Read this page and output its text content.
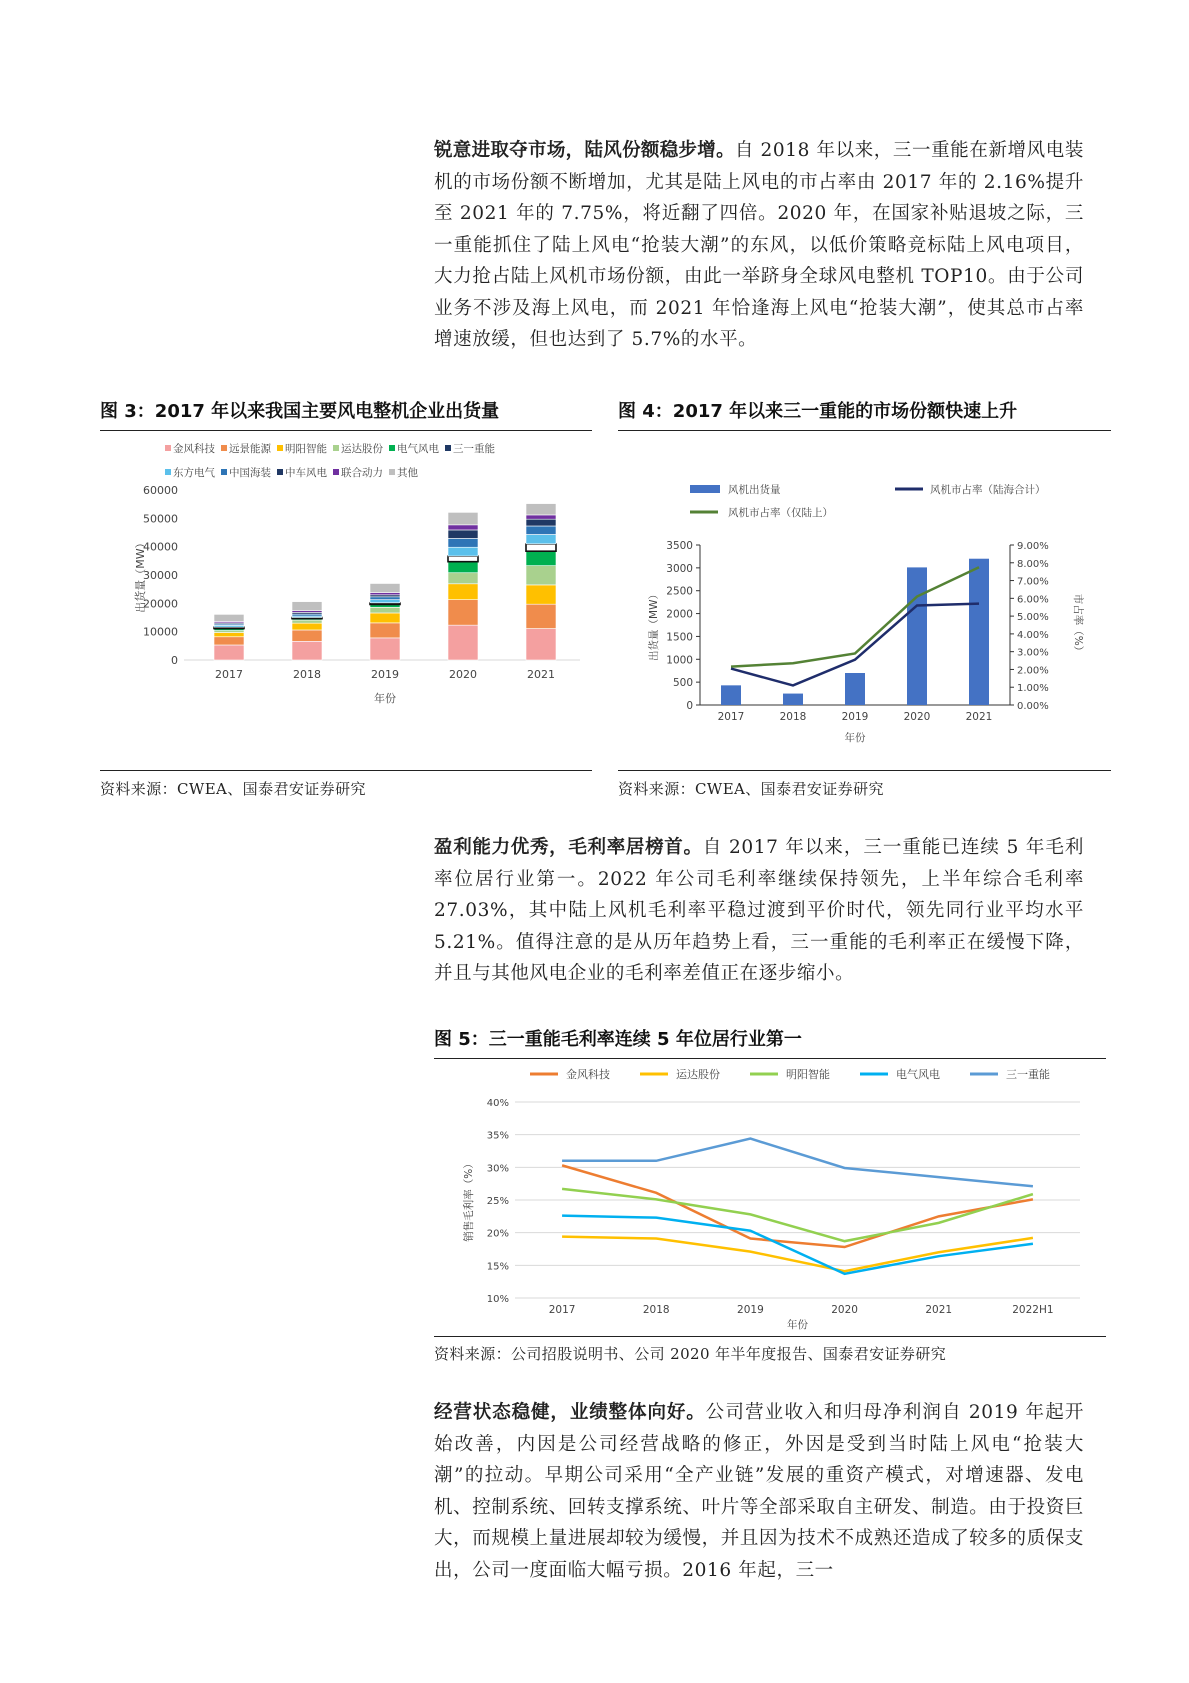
锐意进取夺市场，陆风份额稳步增。自 2018 年以来，三一重能在新增风电装机的市场份额不断增加，尤其是陆上风电的市占率由 2017 年的 2.16%提升至 2021 年的 7.75%，将近翻了四倍。2020 年，在国家补贴退坡之际，三一重能抓住了陆上风电“抢装大潮”的东风，以低价策略竞标陆上风电项目，大力抢占陆上风机市场份额，由此一举跻身全球风电整机 TOP10。由于公司业务不涉及海上风电，而 2021 年恰逢海上风电“抢装大潮”，使其总市占率增速放缓，但也达到了 5.7%的水平。
图 3：2017 年以来我国主要风电整机企业出货量	图 4：2017 年以来三一重能的市场份额快速上升
金风科技 远景能源 明阳智能 运达股份 电气风电 三一重能
东方电气 中国海装 中车风电 联合动力 其他
0
10000
20000
30000
40000
50000
60000
2017	2018	2019	2020	2021
年份
出货量（MW）
风机出货量	风机市占率（陆海合计）
风机市占率（仅陆上）
0
500
1000
1500
2000
2500
3000
3500
0.00%
1.00%
2.00%
3.00%
4.00%
5.00%
6.00%
7.00%
8.00%
9.00%
2017	2018	2019	2020	2021
年份
出货量（MW）	市占率（%）
资料来源：CWEA、国泰君安证券研究	资料来源：CWEA、国泰君安证券研究
盈利能力优秀，毛利率居榜首。自 2017 年以来，三一重能已连续 5 年毛利率位居行业第一。2022 年公司毛利率继续保持领先，上半年综合毛利率 27.03%，其中陆上风机毛利率平稳过渡到平价时代，领先同行业平均水平 5.21%。值得注意的是从历年趋势上看，三一重能的毛利率正在缓慢下降，并且与其他风电企业的毛利率差值正在逐步缩小。
图 5：三一重能毛利率连续 5 年位居行业第一
金风科技	运达股份	明阳智能	电气风电	三一重能
10%
15%
20%
25%
30%
35%
40%
2017	2018	2019	2020	2021	2022H1
年份
销售毛利率（%）
资料来源：公司招股说明书、公司 2020 年半年度报告、国泰君安证券研究
经营状态稳健，业绩整体向好。公司营业收入和归母净利润自 2019 年起开始改善，内因是公司经营战略的修正，外因是受到当时陆上风电“抢装大潮”的拉动。早期公司采用“全产业链”发展的重资产模式，对增速器、发电机、控制系统、回转支撑系统、叶片等全部采取自主研发、制造。由于投资巨大，而规模上量进展却较为缓慢，并且因为技术不成熟还造成了较多的质保支出，公司一度面临大幅亏损。2016 年起，三一
